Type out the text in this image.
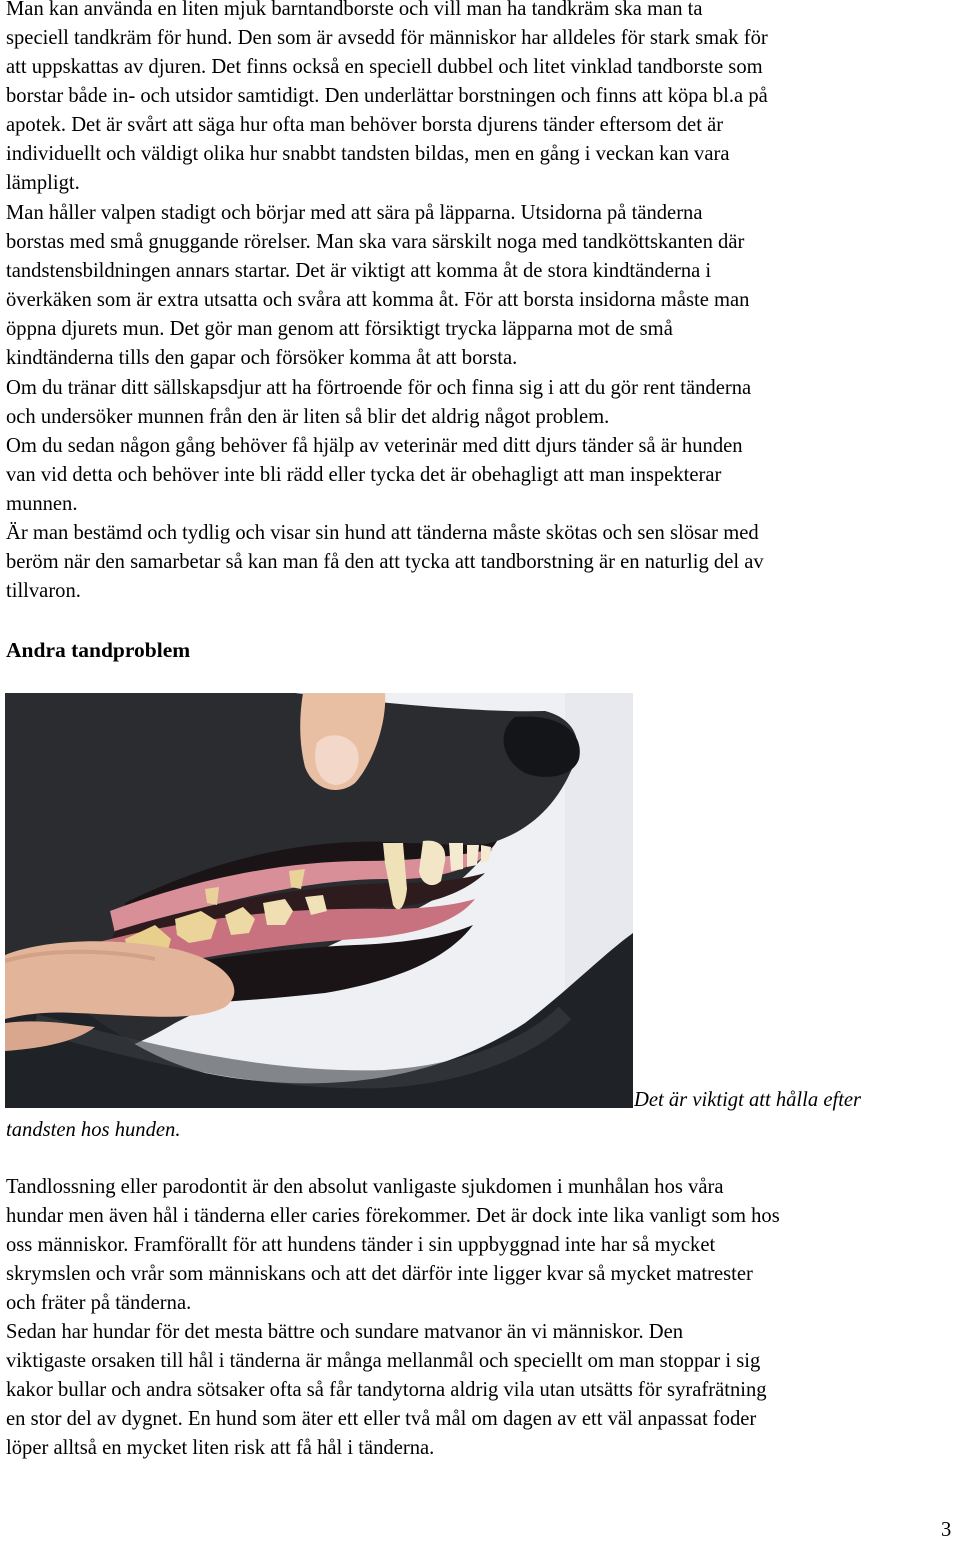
Man kan använda en liten mjuk barntandborste och vill man ha tandkräm ska man ta
speciell tandkräm för hund. Den som är avsedd för människor har alldeles för stark smak för
att uppskattas av djuren. Det finns också en speciell dubbel och litet vinklad tandborste som
borstar både in- och utsidor samtidigt. Den underlättar borstningen och finns att köpa bl.a på
apotek. Det är svårt att säga hur ofta man behöver borsta djurens tänder eftersom det är
individuellt och väldigt olika hur snabbt tandsten bildas, men en gång i veckan kan vara
lämpligt.

Man håller valpen stadigt och börjar med att sära på läpparna. Utsidorna på tänderna
borstas med små gnuggande rörelser. Man ska vara särskilt noga med tandköttskanten där
tandstensbildningen annars startar. Det är viktigt att komma åt de stora kindtänderna i
överkäken som är extra utsatta och svåra att komma åt. För att borsta insidorna måste man
öppna djurets mun. Det gör man genom att försiktigt trycka läpparna mot de små
kindtänderna tills den gapar och försöker komma åt att borsta.

Om du tränar ditt sällskapsdjur att ha förtroende för och finna sig i att du gör rent tänderna
och undersöker munnen från den är liten så blir det aldrig något problem.

Om du sedan någon gång behöver få hjälp av veterinär med ditt djurs tänder så är hunden
van vid detta och behöver inte bli rädd eller tycka det är obehagligt att man inspekterar
munnen.

Är man bestämd och tydlig och visar sin hund att tänderna måste skötas och sen slösar med
beröm när den samarbetar så kan man få den att tycka att tandborstning är en naturlig del av
tillvaron.

Andra tandproblem
Det är viktigt att hålla efter
tandsten hos hunden.

Tandlossning eller parodontit är den absolut vanligaste sjukdomen i munhålan hos våra
hundar men även hål i tänderna eller caries förekommer. Det är dock inte lika vanligt som hos
oss människor. Framförallt för att hundens tänder i sin uppbyggnad inte har så mycket
skrymslen och vrår som människans och att det därför inte ligger kvar så mycket matrester
och fräter på tänderna.

Sedan har hundar för det mesta bättre och sundare matvanor än vi människor. Den
viktigaste orsaken till hål i tänderna är många mellanmål och speciellt om man stoppar i sig
kakor bullar och andra sötsaker ofta så får tandytorna aldrig vila utan utsätts för syrafrätning
en stor del av dygnet. En hund som äter ett eller två mål om dagen av ett väl anpassat foder
löper alltså en mycket liten risk att få hål i tänderna.

3
